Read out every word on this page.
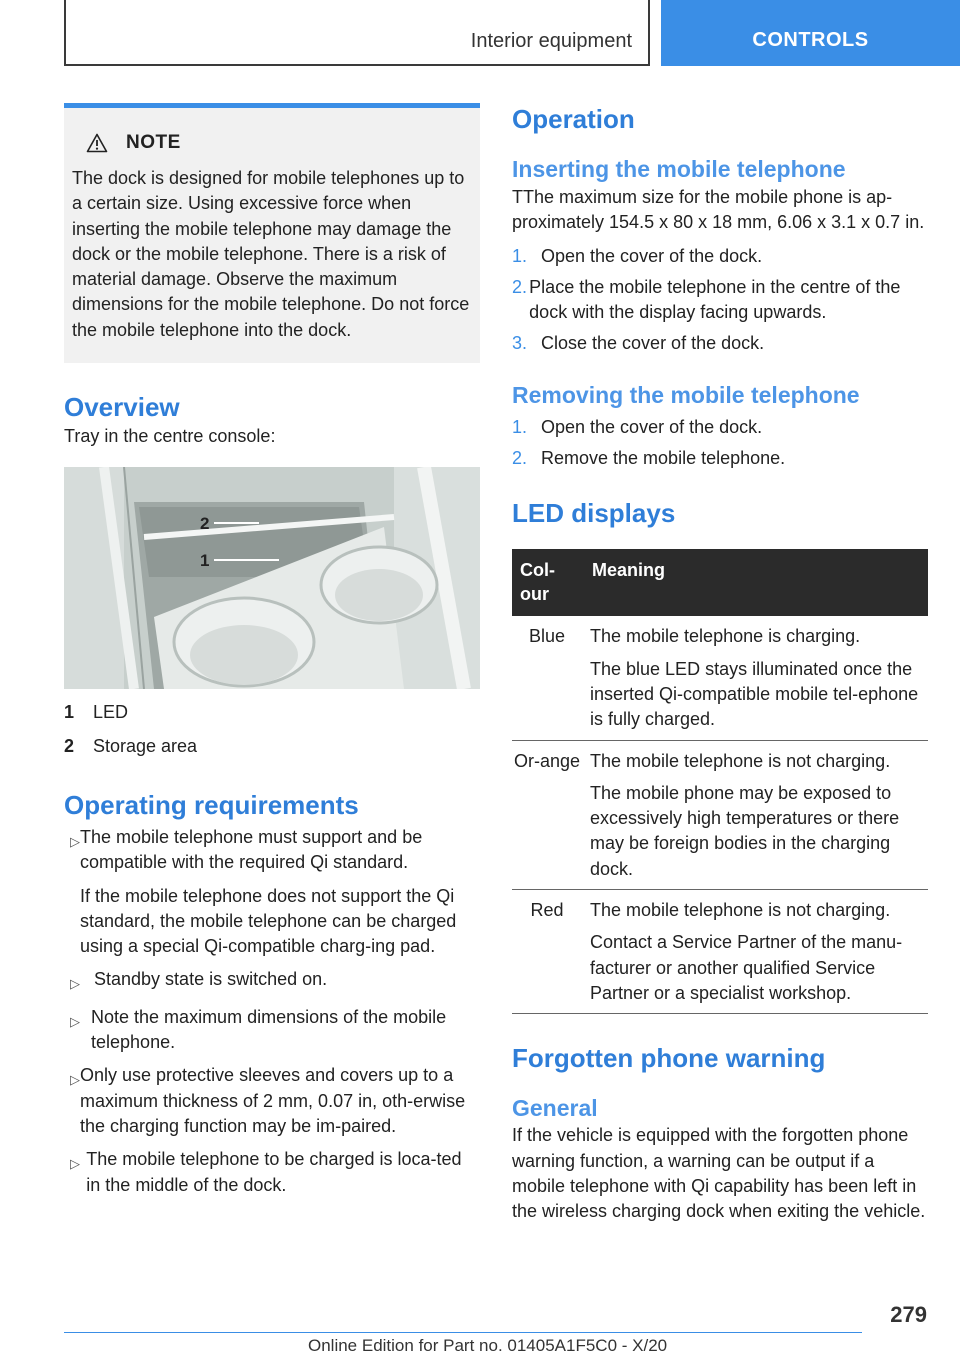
Interior equipment	CONTROLS
NOTE

The dock is designed for mobile telephones up to a certain size. Using excessive force when inserting the mobile telephone may damage the dock or the mobile telephone. There is a risk of material damage. Observe the maximum dimensions for the mobile telephone. Do not force the mobile telephone into the dock.

Overview

Tray in the centre console:

2
1
1	LED
2	Storage area
Operating requirements
▷ The mobile telephone must support and be compatible with the required Qi standard.

If the mobile telephone does not support the Qi standard, the mobile telephone can be charged using a special Qi-compatible charg‐ing pad.

▷ Standby state is switched on.

▷ Note the maximum dimensions of the mobile telephone.

▷ Only use protective sleeves and covers up to a maximum thickness of 2 mm, 0.07 in, oth‐erwise the charging function may be im‐paired.

▷ The mobile telephone to be charged is loca‐ted in the middle of the dock.

Operation
Inserting the mobile telephone

TThe maximum size for the mobile phone is ap‐proximately 154.5 x 80 x 18 mm, 6.06 x 3.1 x 0.7 in.

1. Open the cover of the dock.
2. Place the mobile telephone in the centre of the dock with the display facing upwards.
3. Close the cover of the dock.
Removing the mobile telephone
1. Open the cover of the dock.
2. Remove the mobile telephone.
LED displays
Col‐our	Meaning
Blue	The mobile telephone is charging.

The blue LED stays illuminated once the inserted Qi-compatible mobile tel‐ephone is fully charged.

Or‐ange	The mobile telephone is not charging.

The mobile phone may be exposed to excessively high temperatures or there may be foreign bodies in the charging dock.

Red	The mobile telephone is not charging.

Contact a Service Partner of the manu‐facturer or another qualified Service Partner or a specialist workshop.

Forgotten phone warning
General

If the vehicle is equipped with the forgotten phone warning function, a warning can be output if a mobile telephone with Qi capability has been left in the wireless charging dock when exiting the vehicle.

279
Online Edition for Part no. 01405A1F5C0 - X/20
